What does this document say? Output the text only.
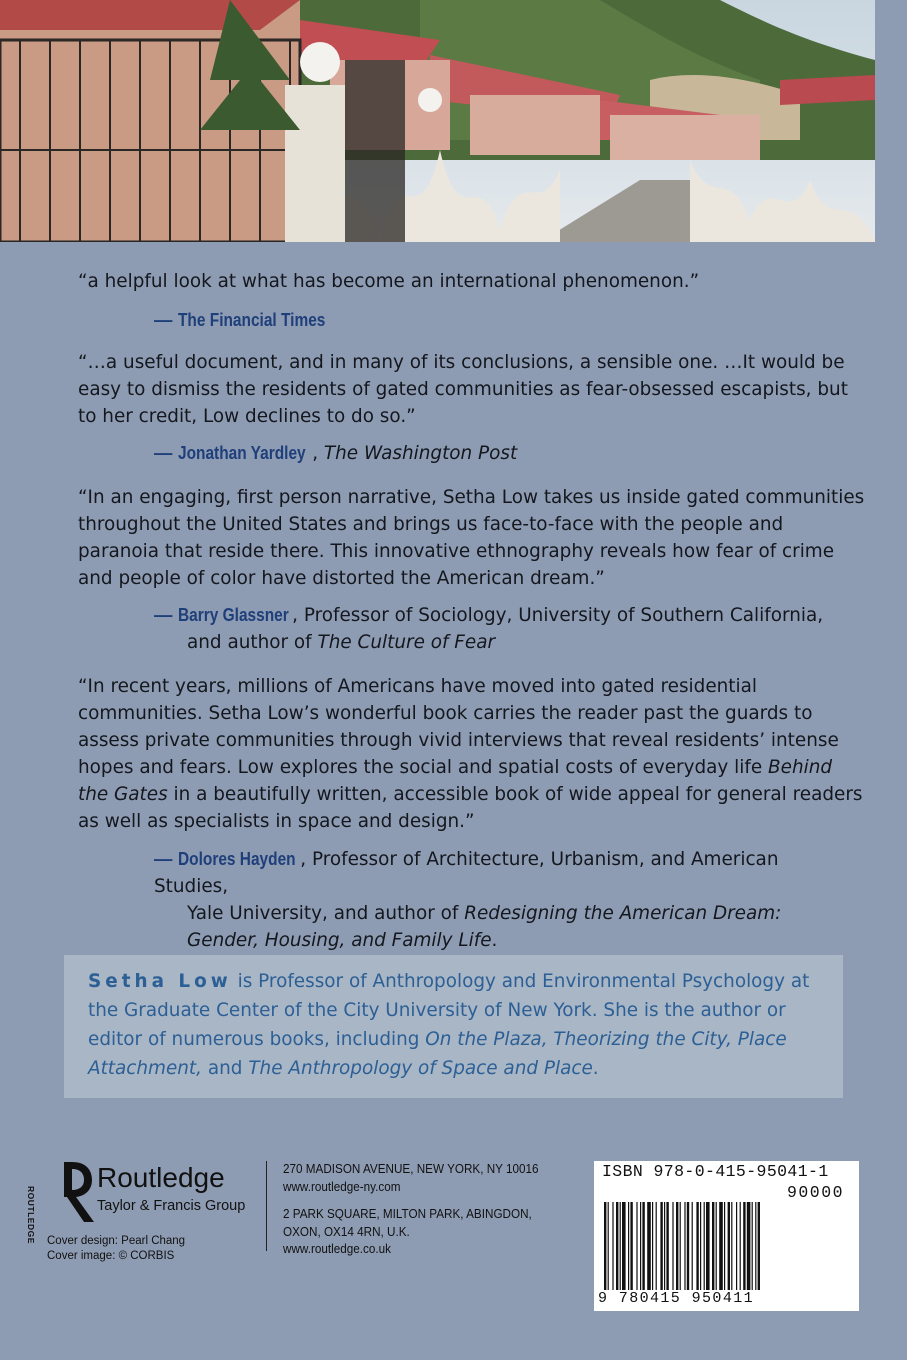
“a helpful look at what has become an international phenomenon.”

— The Financial Times

“…a useful document, and in many of its conclusions, a sensible one. …It would be easy to dismiss the residents of gated communities as fear-obsessed escapists, but to her credit, Low declines to do so.”

— Jonathan Yardley , The Washington Post

“In an engaging, first person narrative, Setha Low takes us inside gated communities throughout the United States and brings us face-to-face with the people and paranoia that reside there. This innovative ethnography reveals how fear of crime and people of color have distorted the American dream.”

— Barry Glassner , Professor of Sociology, University of Southern California,
and author of The Culture of Fear

“In recent years, millions of Americans have moved into gated residential communities. Setha Low’s wonderful book carries the reader past the guards to assess private communities through vivid interviews that reveal residents’ intense hopes and fears. Low explores the social and spatial costs of everyday life Behind the Gates in a beautifully written, accessible book of wide appeal for general readers as well as specialists in space and design.”

— Dolores Hayden , Professor of Architecture, Urbanism, and American Studies,
Yale University, and author of Redesigning the American Dream: Gender, Housing, and Family Life.
Setha Low is Professor of Anthropology and Environmental Psychology at the Graduate Center of the City University of New York. She is the author or editor of numerous books, including On the Plaza, Theorizing the City, Place Attachment, and The Anthropology of Space and Place.
ROUTLEDGE
Routledge
Taylor & Francis Group
Cover design: Pearl Chang
Cover image: © CORBIS
270 MADISON AVENUE, NEW YORK, NY 10016
www.routledge-ny.com
2 PARK SQUARE, MILTON PARK, ABINGDON,
OXON, OX14 4RN, U.K.
www.routledge.co.uk
ISBN 978-0-415-95041-1
90000
9 780415 950411
